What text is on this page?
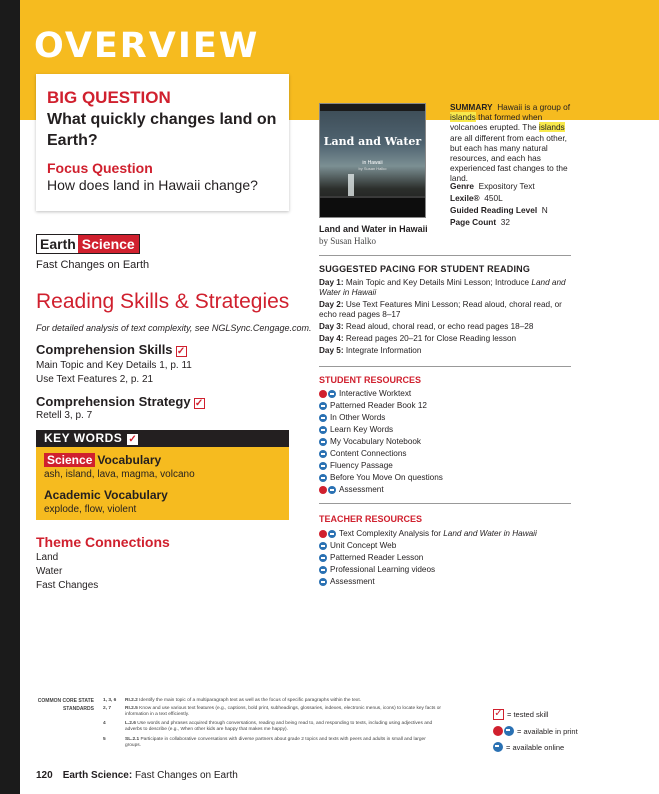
OVERVIEW
BIG QUESTION
What quickly changes land on Earth?
Focus Question
How does land in Hawaii change?
Earth Science
Fast Changes on Earth
Reading Skills & Strategies
For detailed analysis of text complexity, see NGLSync.Cengage.com.
Comprehension Skills ✓
Main Topic and Key Details 1, p. 11
Use Text Features 2, p. 21
Comprehension Strategy ✓
Retell 3, p. 7
KEY WORDS ✓
Science Vocabulary
ash, island, lava, magma, volcano
Academic Vocabulary
explode, flow, violent
Theme Connections
Land
Water
Fast Changes
Land and Water
in Hawaii
by Susan Halko
Land and Water in Hawaii
by Susan Halko
SUMMARY Hawaii is a group of islands that formed when volcanoes erupted. The islands are all different from each other, but each has many natural resources, and each has experienced fast changes to the land.
Genre Expository Text
Lexile® 450L
Guided Reading Level N
Page Count 32
SUGGESTED PACING FOR STUDENT READING
Day 1: Main Topic and Key Details Mini Lesson; Introduce Land and Water in Hawaii
Day 2: Use Text Features Mini Lesson; Read aloud, choral read, or echo read pages 8–17
Day 3: Read aloud, choral read, or echo read pages 18–28
Day 4: Reread pages 20–21 for Close Reading lesson
Day 5: Integrate Information
STUDENT RESOURCES
Interactive Worktext
Patterned Reader Book 12
In Other Words
Learn Key Words
My Vocabulary Notebook
Content Connections
Fluency Passage
Before You Move On questions
Assessment
TEACHER RESOURCES
Text Complexity Analysis for
Land and Water in Hawaii
Unit Concept Web
Patterned Reader Lesson
Professional Learning videos
Assessment
COMMON CORE STATE STANDARDS
1, 3, 6	RI.2.2 Identify the main topic of a multiparagraph text as well as the focus of specific paragraphs within the text.
2, 7	RI.2.5 Know and use various text features (e.g., captions, bold print, subheadings, glossaries, indexes, electronic menus, icons) to locate key facts or information in a text efficiently.
4	L.2.6 Use words and phrases acquired through conversations, reading and being read to, and responding to texts, including using adjectives and adverbs to describe (e.g., When other kids are happy that makes me happy).
5	SL.2.1 Participate in collaborative conversations with diverse partners about grade 2 topics and texts with peers and adults in small and larger groups.
✓ = tested skill
= available in print
= available online
120 Earth Science: Fast Changes on Earth
